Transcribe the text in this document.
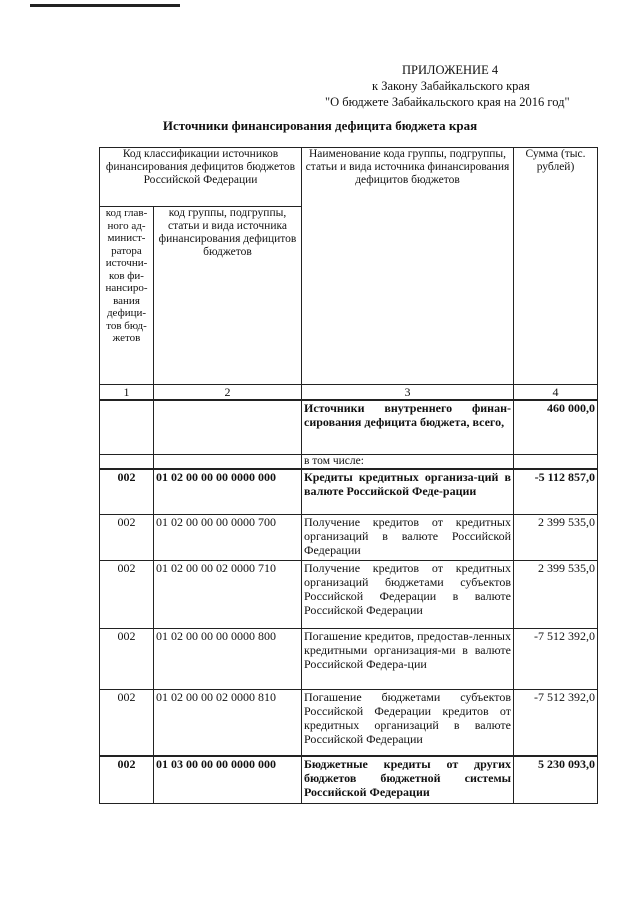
ПРИЛОЖЕНИЕ 4
к Закону Забайкальского края
"О бюджете Забайкальского края на 2016 год"
Источники финансирования дефицита бюджета края
Код классификации источников финансирования дефицитов бюджетов Российской Федерации		Наименование кода группы, подгруппы, статьи и вида источника финансирования дефицитов бюджетов	Сумма (тыс. рублей)
код глав-ного ад-минист-ратора источни-ков фи-нансиро-вания дефици-тов бюд-жетов	код группы, подгруппы, статьи и вида источника финансирования дефицитов бюджетов		
1	2	3	4
		Источники внутреннего финан-сирования дефицита бюджета, всего,	460 000,0
		в том числе:	
002	01 02 00 00 00 0000 000	Кредиты кредитных организа-ций в валюте Российской Феде-рации	-5 112 857,0
002	01 02 00 00 00 0000 700	Получение кредитов от кредитных организаций в валюте Российской Федерации	2 399 535,0
002	01 02 00 00 02 0000 710	Получение кредитов от кредитных организаций бюджетами субъектов Российской Федерации в валюте Российской Федерации	2 399 535,0
002	01 02 00 00 00 0000 800	Погашение кредитов, предостав-ленных кредитными организация-ми в валюте Российской Федера-ции	-7 512 392,0
002	01 02 00 00 02 0000 810	Погашение бюджетами субъектов Российской Федерации кредитов от кредитных организаций в валюте Российской Федерации	-7 512 392,0
002	01 03 00 00 00 0000 000	Бюджетные кредиты от других бюджетов бюджетной системы Российской Федерации	5 230 093,0
